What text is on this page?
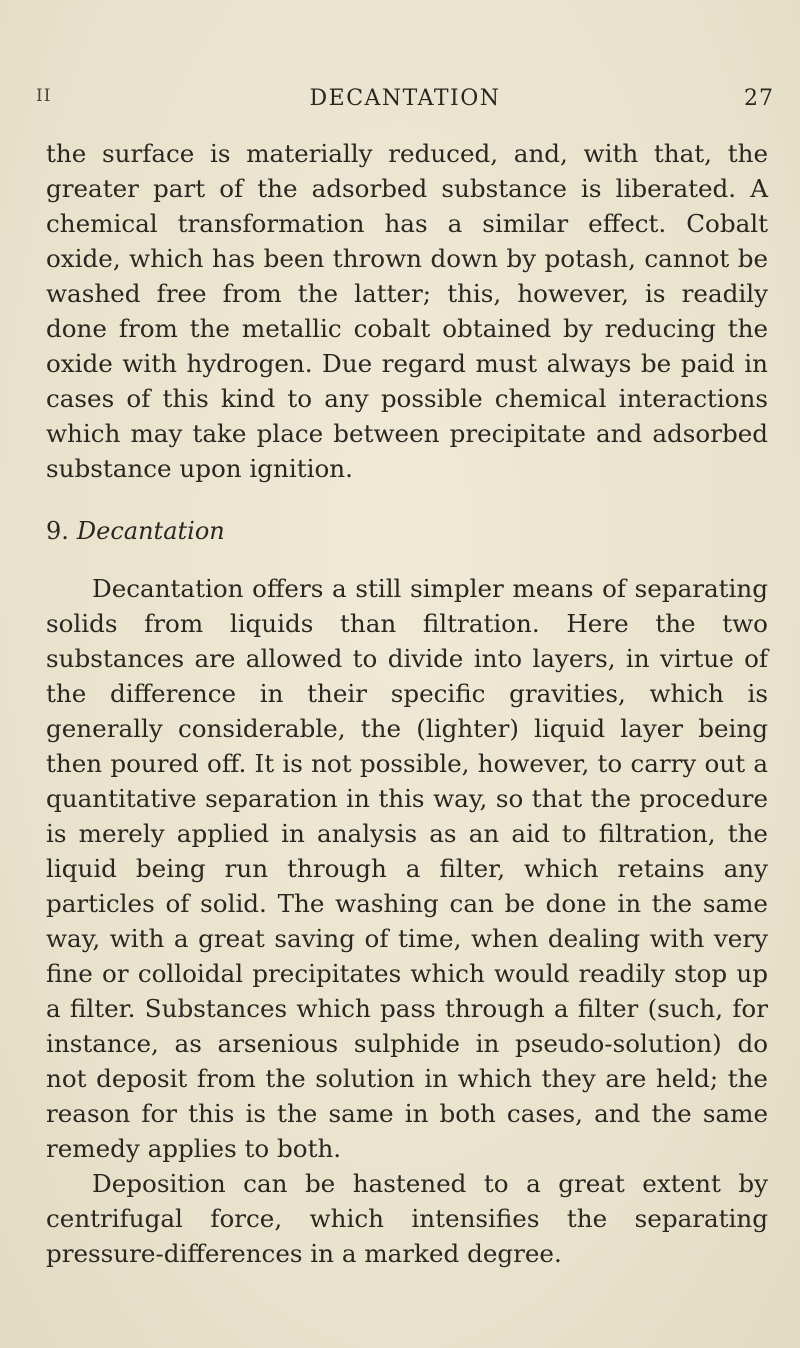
II	DECANTATION	27

the surface is materially reduced, and, with that, the greater part of the adsorbed substance is liberated. A chemical transformation has a similar effect. Cobalt oxide, which has been thrown down by potash, cannot be washed free from the latter; this, however, is readily done from the metallic cobalt obtained by reducing the oxide with hydrogen. Due regard must always be paid in cases of this kind to any possible chemical interactions which may take place between precipitate and adsorbed substance upon ignition.

9. Decantation

Decantation offers a still simpler means of separating solids from liquids than filtration. Here the two substances are allowed to divide into layers, in virtue of the difference in their specific gravities, which is generally considerable, the (lighter) liquid layer being then poured off. It is not possible, however, to carry out a quantitative separation in this way, so that the procedure is merely applied in analysis as an aid to filtration, the liquid being run through a filter, which retains any particles of solid. The washing can be done in the same way, with a great saving of time, when dealing with very fine or colloidal precipitates which would readily stop up a filter. Substances which pass through a filter (such, for instance, as arsenious sulphide in pseudo-solution) do not deposit from the solution in which they are held; the reason for this is the same in both cases, and the same remedy applies to both.

Deposition can be hastened to a great extent by centrifugal force, which intensifies the separating pressure-differences in a marked degree.
